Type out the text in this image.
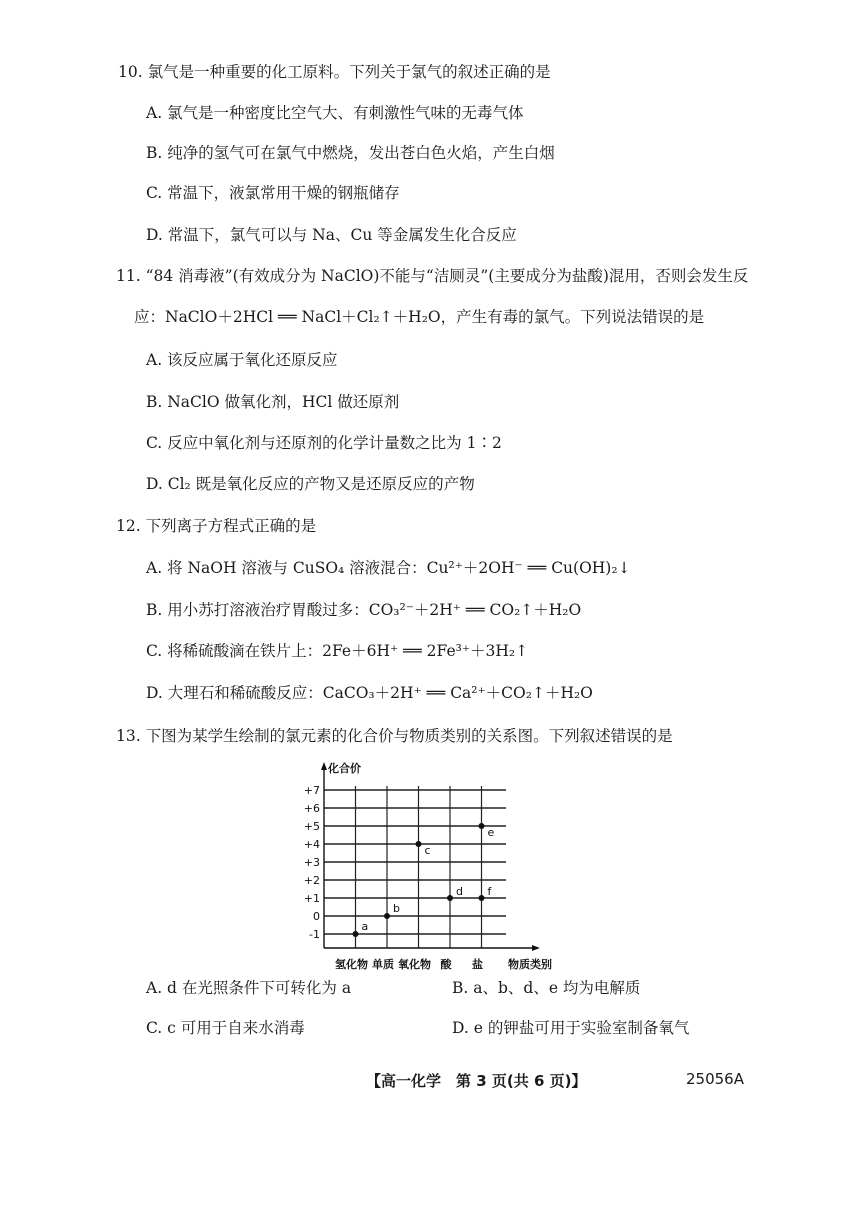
10. 氯气是一种重要的化工原料。下列关于氯气的叙述正确的是
A. 氯气是一种密度比空气大、有刺激性气味的无毒气体
B. 纯净的氢气可在氯气中燃烧，发出苍白色火焰，产生白烟
C. 常温下，液氯常用干燥的钢瓶储存
D. 常温下，氯气可以与 Na、Cu 等金属发生化合反应
11. “84 消毒液”(有效成分为 NaClO)不能与“洁厕灵”(主要成分为盐酸)混用，否则会发生反
应：NaClO＋2HCl ══ NaCl＋Cl₂↑＋H₂O，产生有毒的氯气。下列说法错误的是
A. 该反应属于氧化还原反应
B. NaClO 做氧化剂，HCl 做还原剂
C. 反应中氧化剂与还原剂的化学计量数之比为 1∶2
D. Cl₂ 既是氧化反应的产物又是还原反应的产物
12. 下列离子方程式正确的是
A. 将 NaOH 溶液与 CuSO₄ 溶液混合：Cu²⁺＋2OH⁻ ══ Cu(OH)₂↓
B. 用小苏打溶液治疗胃酸过多：CO₃²⁻＋2H⁺ ══ CO₂↑＋H₂O
C. 将稀硫酸滴在铁片上：2Fe＋6H⁺ ══ 2Fe³⁺＋3H₂↑
D. 大理石和稀硫酸反应：CaCO₃＋2H⁺ ══ Ca²⁺＋CO₂↑＋H₂O
13. 下图为某学生绘制的氯元素的化合价与物质类别的关系图。下列叙述错误的是
+7
+6
+5
+4
+3
+2
+1
0
-1
化合价
氢化物 单质 氧化物 酸 盐 物质类别
a
b
c
d
e
f
A. d 在光照条件下可转化为 a	B. a、b、d、e 均为电解质
C. c 可用于自来水消毒	D. e 的钾盐可用于实验室制备氧气
【高一化学　第 3 页(共 6 页)】	25056A
